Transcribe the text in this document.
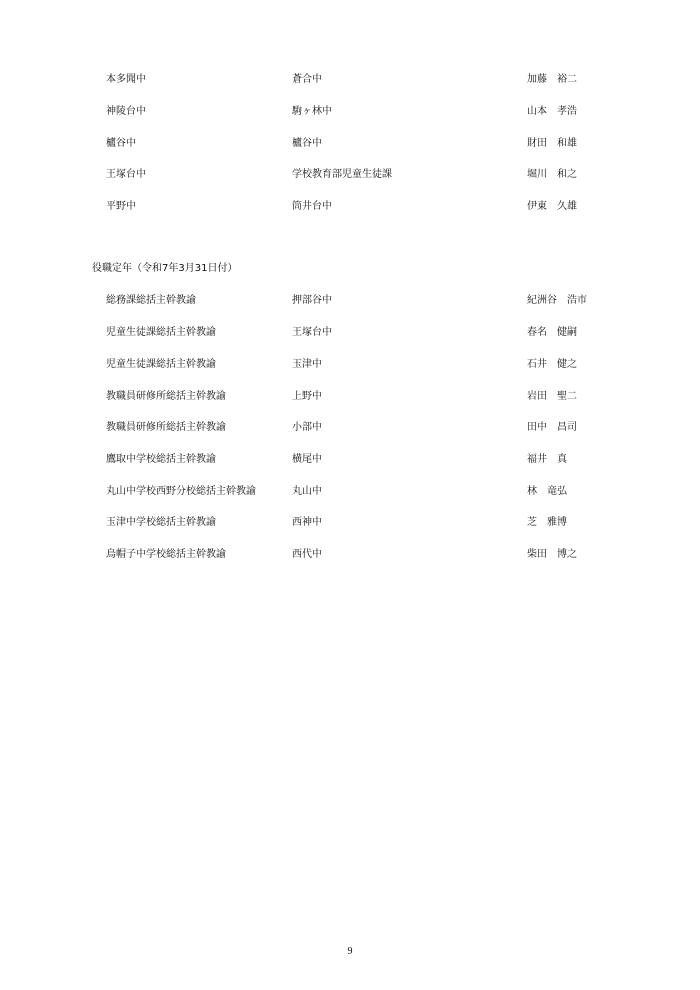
本多聞中	蒼合中	加藤　裕二
神陵台中	駒ヶ林中	山本　孝浩
櫨谷中	櫨谷中	財田　和雄
王塚台中	学校教育部児童生徒課	堀川　和之
平野中	筒井台中	伊東　久雄
役職定年（令和7年3月31日付）
総務課総括主幹教諭	押部谷中	紀洲谷　浩市
児童生徒課総括主幹教諭	王塚台中	春名　健嗣
児童生徒課総括主幹教諭	玉津中	石井　健之
教職員研修所総括主幹教諭	上野中	岩田　聖二
教職員研修所総括主幹教諭	小部中	田中　昌司
鷹取中学校総括主幹教諭	横尾中	福井　真
丸山中学校西野分校総括主幹教諭	丸山中	林　竜弘
玉津中学校総括主幹教諭	西神中	芝　雅博
烏帽子中学校総括主幹教諭	西代中	柴田　博之
9
